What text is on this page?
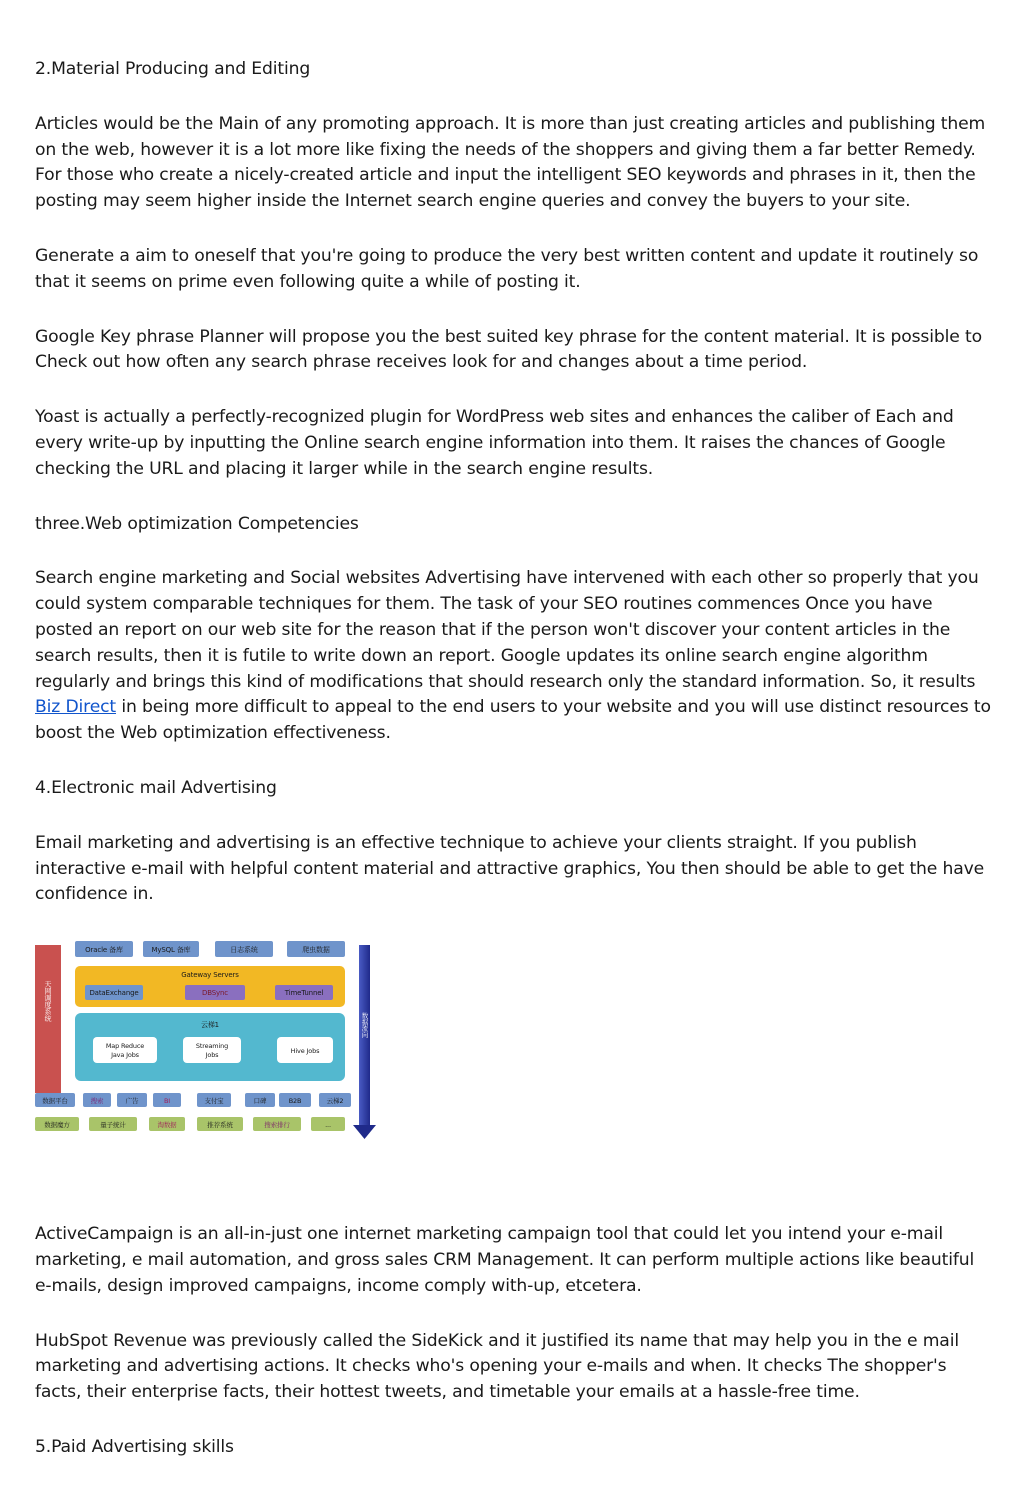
2.Material Producing and Editing

Articles would be the Main of any promoting approach. It is more than just creating articles and publishing them on the web, however it is a lot more like fixing the needs of the shoppers and giving them a far better Remedy. For those who create a nicely-created article and input the intelligent SEO keywords and phrases in it, then the posting may seem higher inside the Internet search engine queries and convey the buyers to your site.

Generate a aim to oneself that you're going to produce the very best written content and update it routinely so that it seems on prime even following quite a while of posting it.

Google Key phrase Planner will propose you the best suited key phrase for the content material. It is possible to Check out how often any search phrase receives look for and changes about a time period.

Yoast is actually a perfectly-recognized plugin for WordPress web sites and enhances the caliber of Each and every write-up by inputting the Online search engine information into them. It raises the chances of Google checking the URL and placing it larger while in the search engine results.

three.Web optimization Competencies

Search engine marketing and Social websites Advertising have intervened with each other so properly that you could system comparable techniques for them. The task of your SEO routines commences Once you have posted an report on our web site for the reason that if the person won't discover your content articles in the search results, then it is futile to write down an report. Google updates its online search engine algorithm regularly and brings this kind of modifications that should research only the standard information. So, it results Biz Direct in being more difficult to appeal to the end users to your website and you will use distinct resources to boost the Web optimization effectiveness.

4.Electronic mail Advertising

Email marketing and advertising is an effective technique to achieve your clients straight. If you publish interactive e-mail with helpful content material and attractive graphics, You then should be able to get the have confidence in.

天网调度系统
Oracle 备库	MySQL 备库	日志系统	爬虫数据
Gateway Servers
DataExchange	DBSync	TimeTunnel
云梯1
Map Reduce
Java Jobs
Streaming
Jobs	Hive Jobs
数据流向
数据平台	搜索	广告	BI	支付宝	口碑	B2B	云梯2
数据魔方	量子统计	淘数据	推荐系统	搜索排行	...

ActiveCampaign is an all-in-just one internet marketing campaign tool that could let you intend your e-mail marketing, e mail automation, and gross sales CRM Management. It can perform multiple actions like beautiful e-mails, design improved campaigns, income comply with-up, etcetera.

HubSpot Revenue was previously called the SideKick and it justified its name that may help you in the e mail marketing and advertising actions. It checks who's opening your e-mails and when. It checks The shopper's facts, their enterprise facts, their hottest tweets, and timetable your emails at a hassle-free time.

5.Paid Advertising skills
